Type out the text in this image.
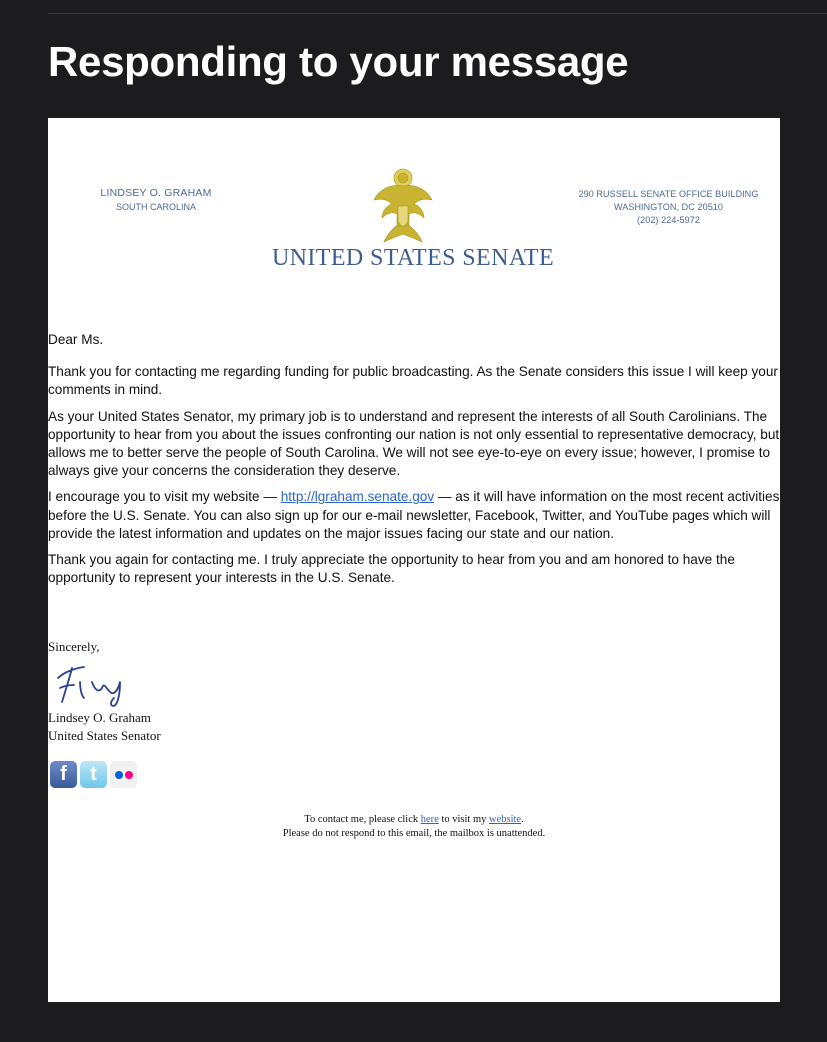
Responding to your message
LINDSEY O. GRAHAM
SOUTH CAROLINA
UNITED STATES SENATE
290 RUSSELL SENATE OFFICE BUILDING
WASHINGTON, DC 20510
(202) 224-5972

Dear Ms.

Thank you for contacting me regarding funding for public broadcasting. As the Senate considers this issue I will keep your comments in mind.

As your United States Senator, my primary job is to understand and represent the interests of all South Carolinians. The opportunity to hear from you about the issues confronting our nation is not only essential to representative democracy, but allows me to better serve the people of South Carolina. We will not see eye-to-eye on every issue; however, I promise to always give your concerns the consideration they deserve.

I encourage you to visit my website — http://lgraham.senate.gov — as it will have information on the most recent activities before the U.S. Senate. You can also sign up for our e-mail newsletter, Facebook, Twitter, and YouTube pages which will provide the latest information and updates on the major issues facing our state and our nation.

Thank you again for contacting me. I truly appreciate the opportunity to hear from you and am honored to have the opportunity to represent your interests in the U.S. Senate.

Sincerely,
Lindsey O. Graham
United States Senator
f	t
To contact me, please click here to visit my website.
Please do not respond to this email, the mailbox is unattended.
